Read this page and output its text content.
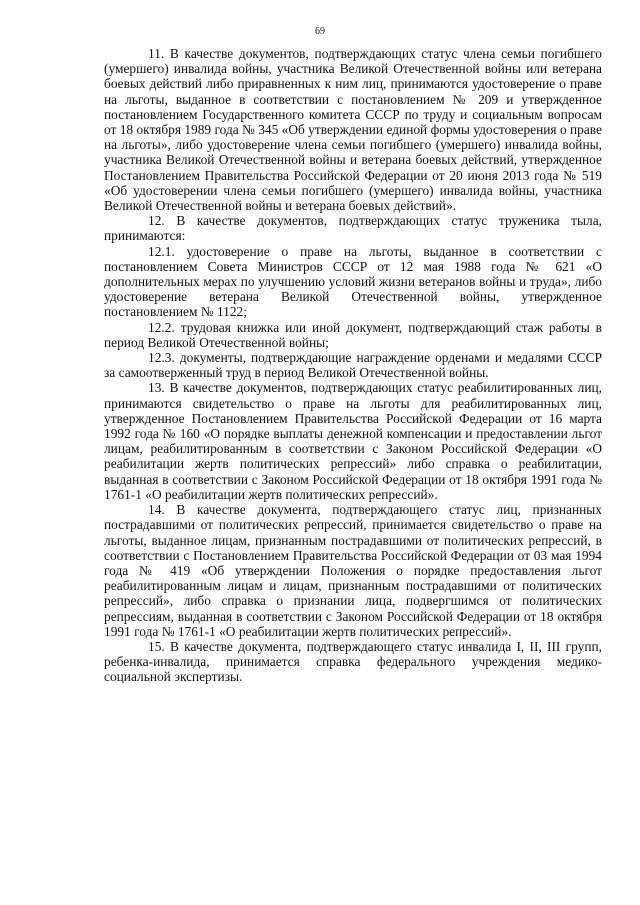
69

11. В качестве документов, подтверждающих статус члена семьи погибшего (умершего) инвалида войны, участника Великой Отечественной войны или ветерана боевых действий либо приравненных к ним лиц, принимаются удостоверение о праве на льготы, выданное в соответствии с постановлением № 209 и утвержденное постановлением Государственного комитета СССР по труду и социальным вопросам от 18 октября 1989 года № 345 «Об утверждении единой формы удостоверения о праве на льготы», либо удостоверение члена семьи погибшего (умершего) инвалида войны, участника Великой Отечественной войны и ветерана боевых действий, утвержденное Постановлением Правительства Российской Федерации от 20 июня 2013 года № 519 «Об удостоверении члена семьи погибшего (умершего) инвалида войны, участника Великой Отечественной войны и ветерана боевых действий».

12. В качестве документов, подтверждающих статус труженика тыла, принимаются:

12.1. удостоверение о праве на льготы, выданное в соответствии с постановлением Совета Министров СССР от 12 мая 1988 года № 621 «О дополнительных мерах по улучшению условий жизни ветеранов войны и труда», либо удостоверение ветерана Великой Отечественной войны, утвержденное постановлением № 1122;

12.2. трудовая книжка или иной документ, подтверждающий стаж работы в период Великой Отечественной войны;

12.3. документы, подтверждающие награждение орденами и медалями СССР за самоотверженный труд в период Великой Отечественной войны.

13. В качестве документов, подтверждающих статус реабилитированных лиц, принимаются свидетельство о праве на льготы для реабилитированных лиц, утвержденное Постановлением Правительства Российской Федерации от 16 марта 1992 года № 160 «О порядке выплаты денежной компенсации и предоставлении льгот лицам, реабилитированным в соответствии с Законом Российской Федерации «О реабилитации жертв политических репрессий» либо справка о реабилитации, выданная в соответствии с Законом Российской Федерации от 18 октября 1991 года № 1761-1 «О реабилитации жертв политических репрессий».

14. В качестве документа, подтверждающего статус лиц, признанных пострадавшими от политических репрессий, принимается свидетельство о праве на льготы, выданное лицам, признанным пострадавшими от политических репрессий, в соответствии с Постановлением Правительства Российской Федерации от 03 мая 1994 года № 419 «Об утверждении Положения о порядке предоставления льгот реабилитированным лицам и лицам, признанным пострадавшими от политических репрессий», либо справка о признании лица, подвергшимся от политических репрессиям, выданная в соответствии с Законом Российской Федерации от 18 октября 1991 года № 1761-1 «О реабилитации жертв политических репрессий».

15. В качестве документа, подтверждающего статус инвалида I, II, III групп, ребенка-инвалида, принимается справка федерального учреждения медико-социальной экспертизы.
